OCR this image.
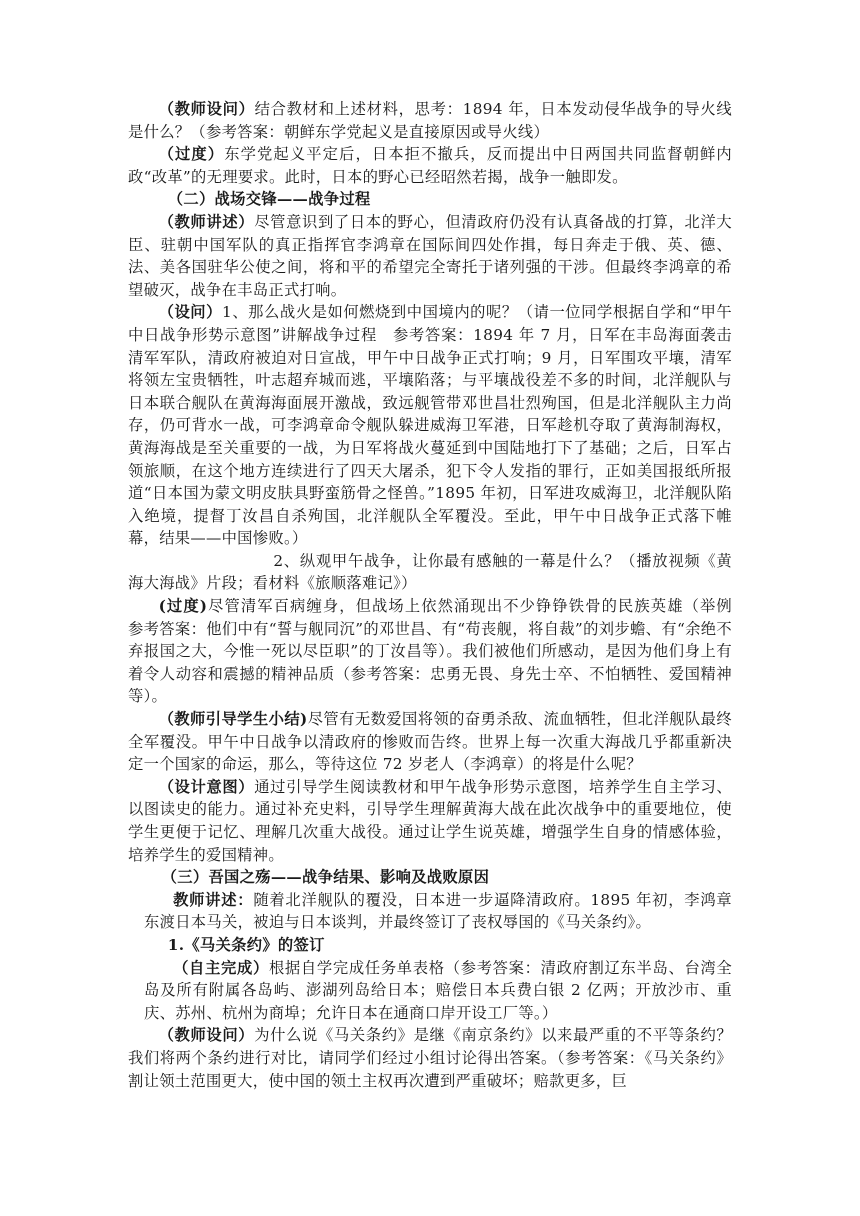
（教师设问）结合教材和上述材料，思考：1894 年，日本发动侵华战争的导火线是什么？（参考答案：朝鲜东学党起义是直接原因或导火线）

（过度）东学党起义平定后，日本拒不撤兵，反而提出中日两国共同监督朝鲜内政“改革”的无理要求。此时，日本的野心已经昭然若揭，战争一触即发。

（二）战场交锋——战争过程

（教师讲述）尽管意识到了日本的野心，但清政府仍没有认真备战的打算，北洋大臣、驻朝中国军队的真正指挥官李鸿章在国际间四处作揖，每日奔走于俄、英、德、法、美各国驻华公使之间，将和平的希望完全寄托于诸列强的干涉。但最终李鸿章的希望破灭，战争在丰岛正式打响。

（设问）1、那么战火是如何燃烧到中国境内的呢？（请一位同学根据自学和“甲午中日战争形势示意图”讲解战争过程　参考答案：1894 年 7 月，日军在丰岛海面袭击清军军队，清政府被迫对日宣战，甲午中日战争正式打响；9 月，日军围攻平壤，清军将领左宝贵牺牲，叶志超弃城而逃，平壤陷落；与平壤战役差不多的时间，北洋舰队与日本联合舰队在黄海海面展开激战，致远舰管带邓世昌壮烈殉国，但是北洋舰队主力尚存，仍可背水一战，可李鸿章命令舰队躲进威海卫军港，日军趁机夺取了黄海制海权，黄海海战是至关重要的一战，为日军将战火蔓延到中国陆地打下了基础；之后，日军占领旅顺，在这个地方连续进行了四天大屠杀，犯下令人发指的罪行，正如美国报纸所报道“日本国为蒙文明皮肤具野蛮筋骨之怪兽。”1895 年初，日军进攻威海卫，北洋舰队陷入绝境，提督丁汝昌自杀殉国，北洋舰队全军覆没。至此，甲午中日战争正式落下帷幕，结果——中国惨败。）

2、纵观甲午战争，让你最有感触的一幕是什么？（播放视频《黄海大海战》片段；看材料《旅顺落难记》）

(过度)尽管清军百病缠身，但战场上依然涌现出不少铮铮铁骨的民族英雄（举例　参考答案：他们中有“誓与舰同沉”的邓世昌、有“苟丧舰，将自裁”的刘步蟾、有“余绝不弃报国之大，今惟一死以尽臣职”的丁汝昌等）。我们被他们所感动，是因为他们身上有着令人动容和震撼的精神品质（参考答案：忠勇无畏、身先士卒、不怕牺牲、爱国精神等）。

（教师引导学生小结)尽管有无数爱国将领的奋勇杀敌、流血牺牲，但北洋舰队最终全军覆没。甲午中日战争以清政府的惨败而告终。世界上每一次重大海战几乎都重新决定一个国家的命运，那么，等待这位 72 岁老人（李鸿章）的将是什么呢？

（设计意图）通过引导学生阅读教材和甲午战争形势示意图，培养学生自主学习、以图读史的能力。通过补充史料，引导学生理解黄海大战在此次战争中的重要地位，使学生更便于记忆、理解几次重大战役。通过让学生说英雄，增强学生自身的情感体验，培养学生的爱国精神。

（三）吾国之殇——战争结果、影响及战败原因

教师讲述：随着北洋舰队的覆没，日本进一步逼降清政府。1895 年初，李鸿章东渡日本马关，被迫与日本谈判，并最终签订了丧权辱国的《马关条约》。

1.《马关条约》的签订

（自主完成）根据自学完成任务单表格（参考答案：清政府割辽东半岛、台湾全岛及所有附属各岛屿、澎湖列岛给日本；赔偿日本兵费白银 2 亿两；开放沙市、重庆、苏州、杭州为商埠；允许日本在通商口岸开设工厂等。）

（教师设问）为什么说《马关条约》是继《南京条约》以来最严重的不平等条约？我们将两个条约进行对比，请同学们经过小组讨论得出答案。（参考答案：《马关条约》割让领土范围更大，使中国的领土主权再次遭到严重破坏；赔款更多，巨
